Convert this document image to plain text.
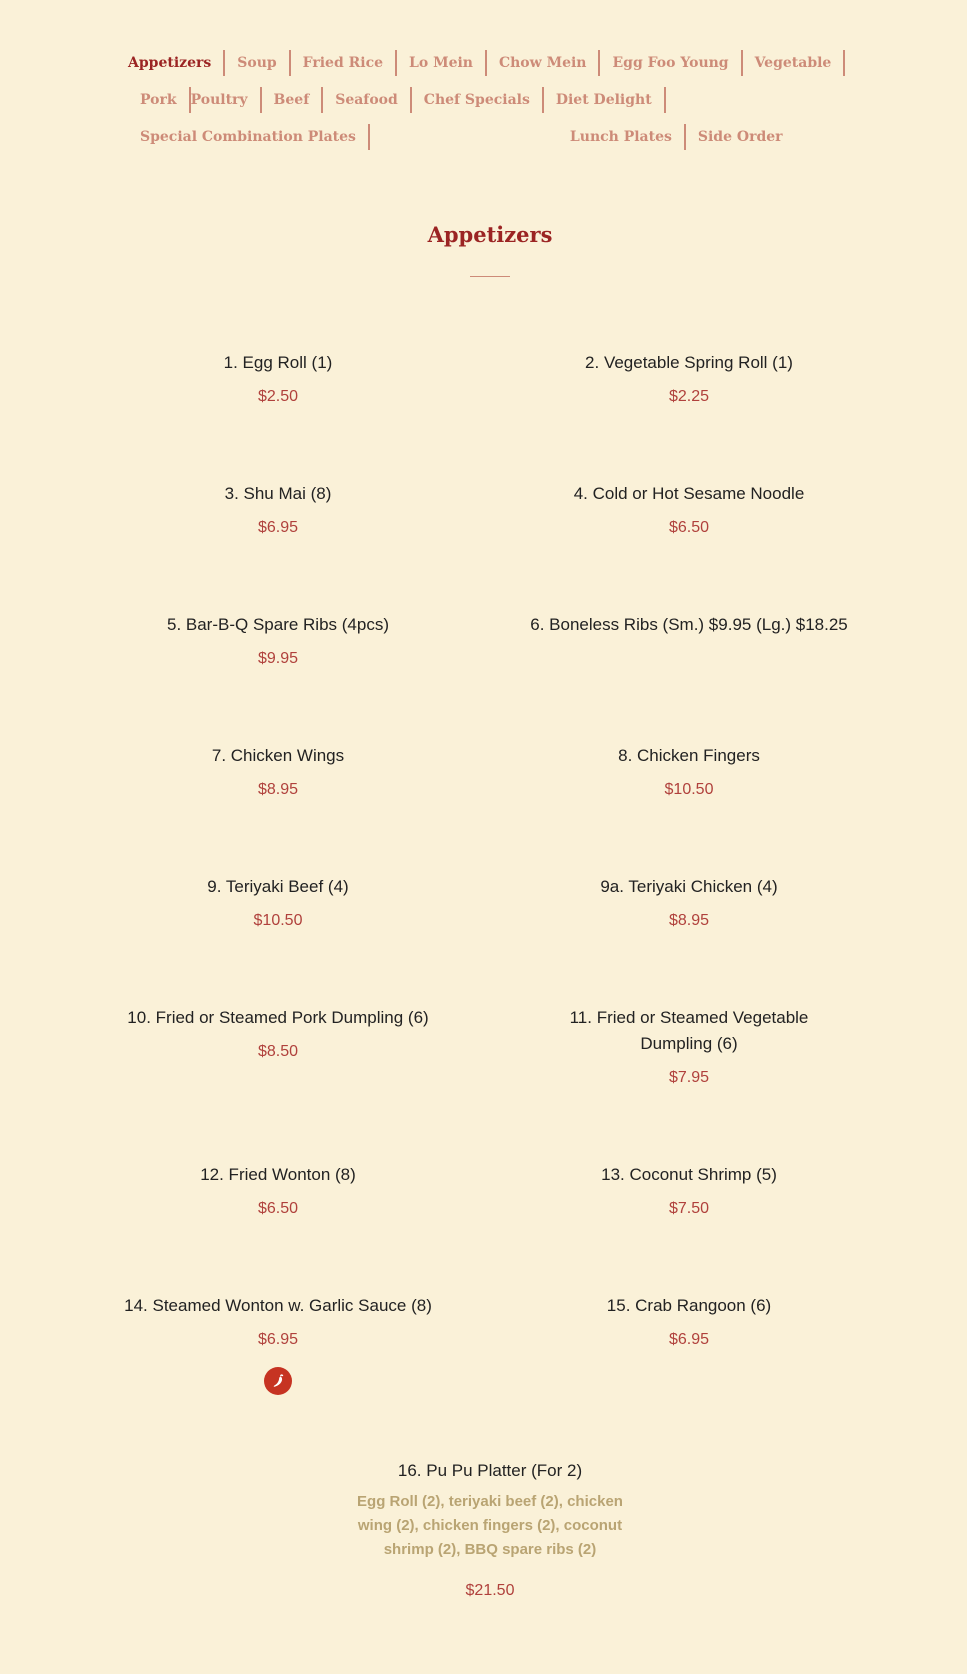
Appetizers	Soup	Fried Rice	Lo Mein	Chow Mein	Egg Foo Young	Vegetable
Pork	Poultry	Beef	Seafood	Chef Specials	Diet Delight
Special Combination Plates	Lunch Plates	Side Order
Appetizers
1. Egg Roll (1)
$2.50
2. Vegetable Spring Roll (1)
$2.25
3. Shu Mai (8)
$6.95
4. Cold or Hot Sesame Noodle
$6.50
5. Bar-B-Q Spare Ribs (4pcs)
$9.95
6. Boneless Ribs (Sm.) $9.95 (Lg.) $18.25
7. Chicken Wings
$8.95
8. Chicken Fingers
$10.50
9. Teriyaki Beef (4)
$10.50
9a. Teriyaki Chicken (4)
$8.95
10. Fried or Steamed Pork Dumpling (6)
$8.50
11. Fried or Steamed Vegetable Dumpling (6)
$7.95
12. Fried Wonton (8)
$6.50
13. Coconut Shrimp (5)
$7.50
14. Steamed Wonton w. Garlic Sauce (8)
$6.95
15. Crab Rangoon (6)
$6.95
16. Pu Pu Platter (For 2)
Egg Roll (2), teriyaki beef (2), chicken wing (2), chicken fingers (2), coconut shrimp (2), BBQ spare ribs (2)
$21.50
